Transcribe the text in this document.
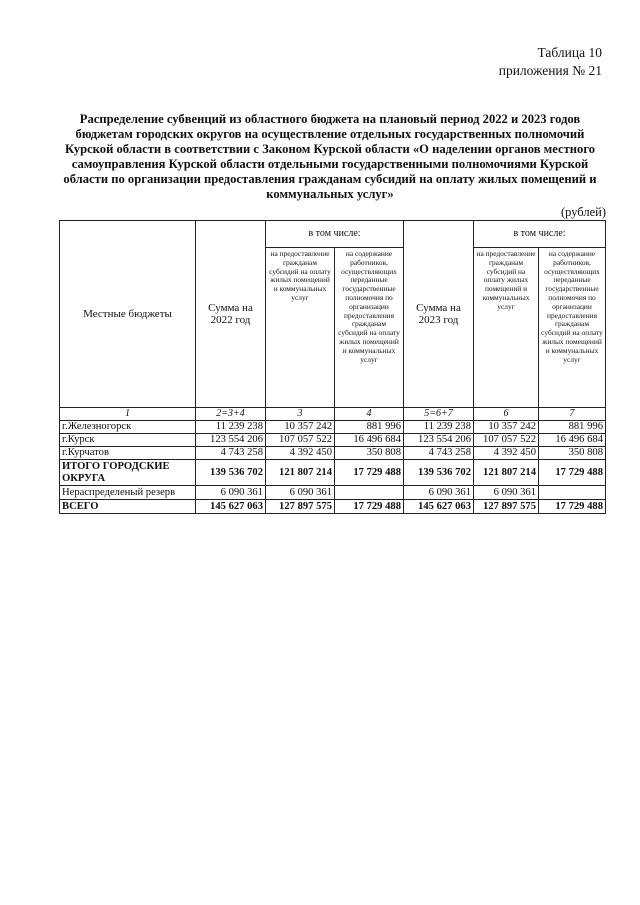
Таблица 10
приложения № 21
Распределение субвенций из областного бюджета на плановый период 2022 и 2023 годов бюджетам городских округов на осуществление отдельных государственных полномочий Курской области в соответствии с Законом Курской области «О наделении органов местного самоуправления Курской области отдельными государственными полномочиями Курской области по организации предоставления гражданам субсидий на оплату жилых помещений и коммунальных услуг»
(рублей)
Местные бюджеты	Сумма на 2022 год	в том числе:		Сумма на 2023 год	в том числе:	
		на предоставление гражданам субсидий на оплату жилых помещений и коммунальных услуг	на содержание работников, осуществляющих переданные государственные полномочия по организации предоставления гражданам субсидий на оплату жилых помещений и коммунальных услуг		на предоставление гражданам субсидий на оплату жилых помещений и коммунальных услуг	на содержание работников, осуществляющих переданные государственные полномочия по организации предоставления гражданам субсидий на оплату жилых помещений и коммунальных услуг
1	2=3+4	3	4	5=6+7	6	7
г.Железногорск	11 239 238	10 357 242	881 996	11 239 238	10 357 242	881 996
г.Курск	123 554 206	107 057 522	16 496 684	123 554 206	107 057 522	16 496 684
г.Курчатов	4 743 258	4 392 450	350 808	4 743 258	4 392 450	350 808
ИТОГО ГОРОДСКИЕ ОКРУГА	139 536 702	121 807 214	17 729 488	139 536 702	121 807 214	17 729 488
Нераспределеный резерв	6 090 361	6 090 361		6 090 361	6 090 361	
ВСЕГО	145 627 063	127 897 575	17 729 488	145 627 063	127 897 575	17 729 488
